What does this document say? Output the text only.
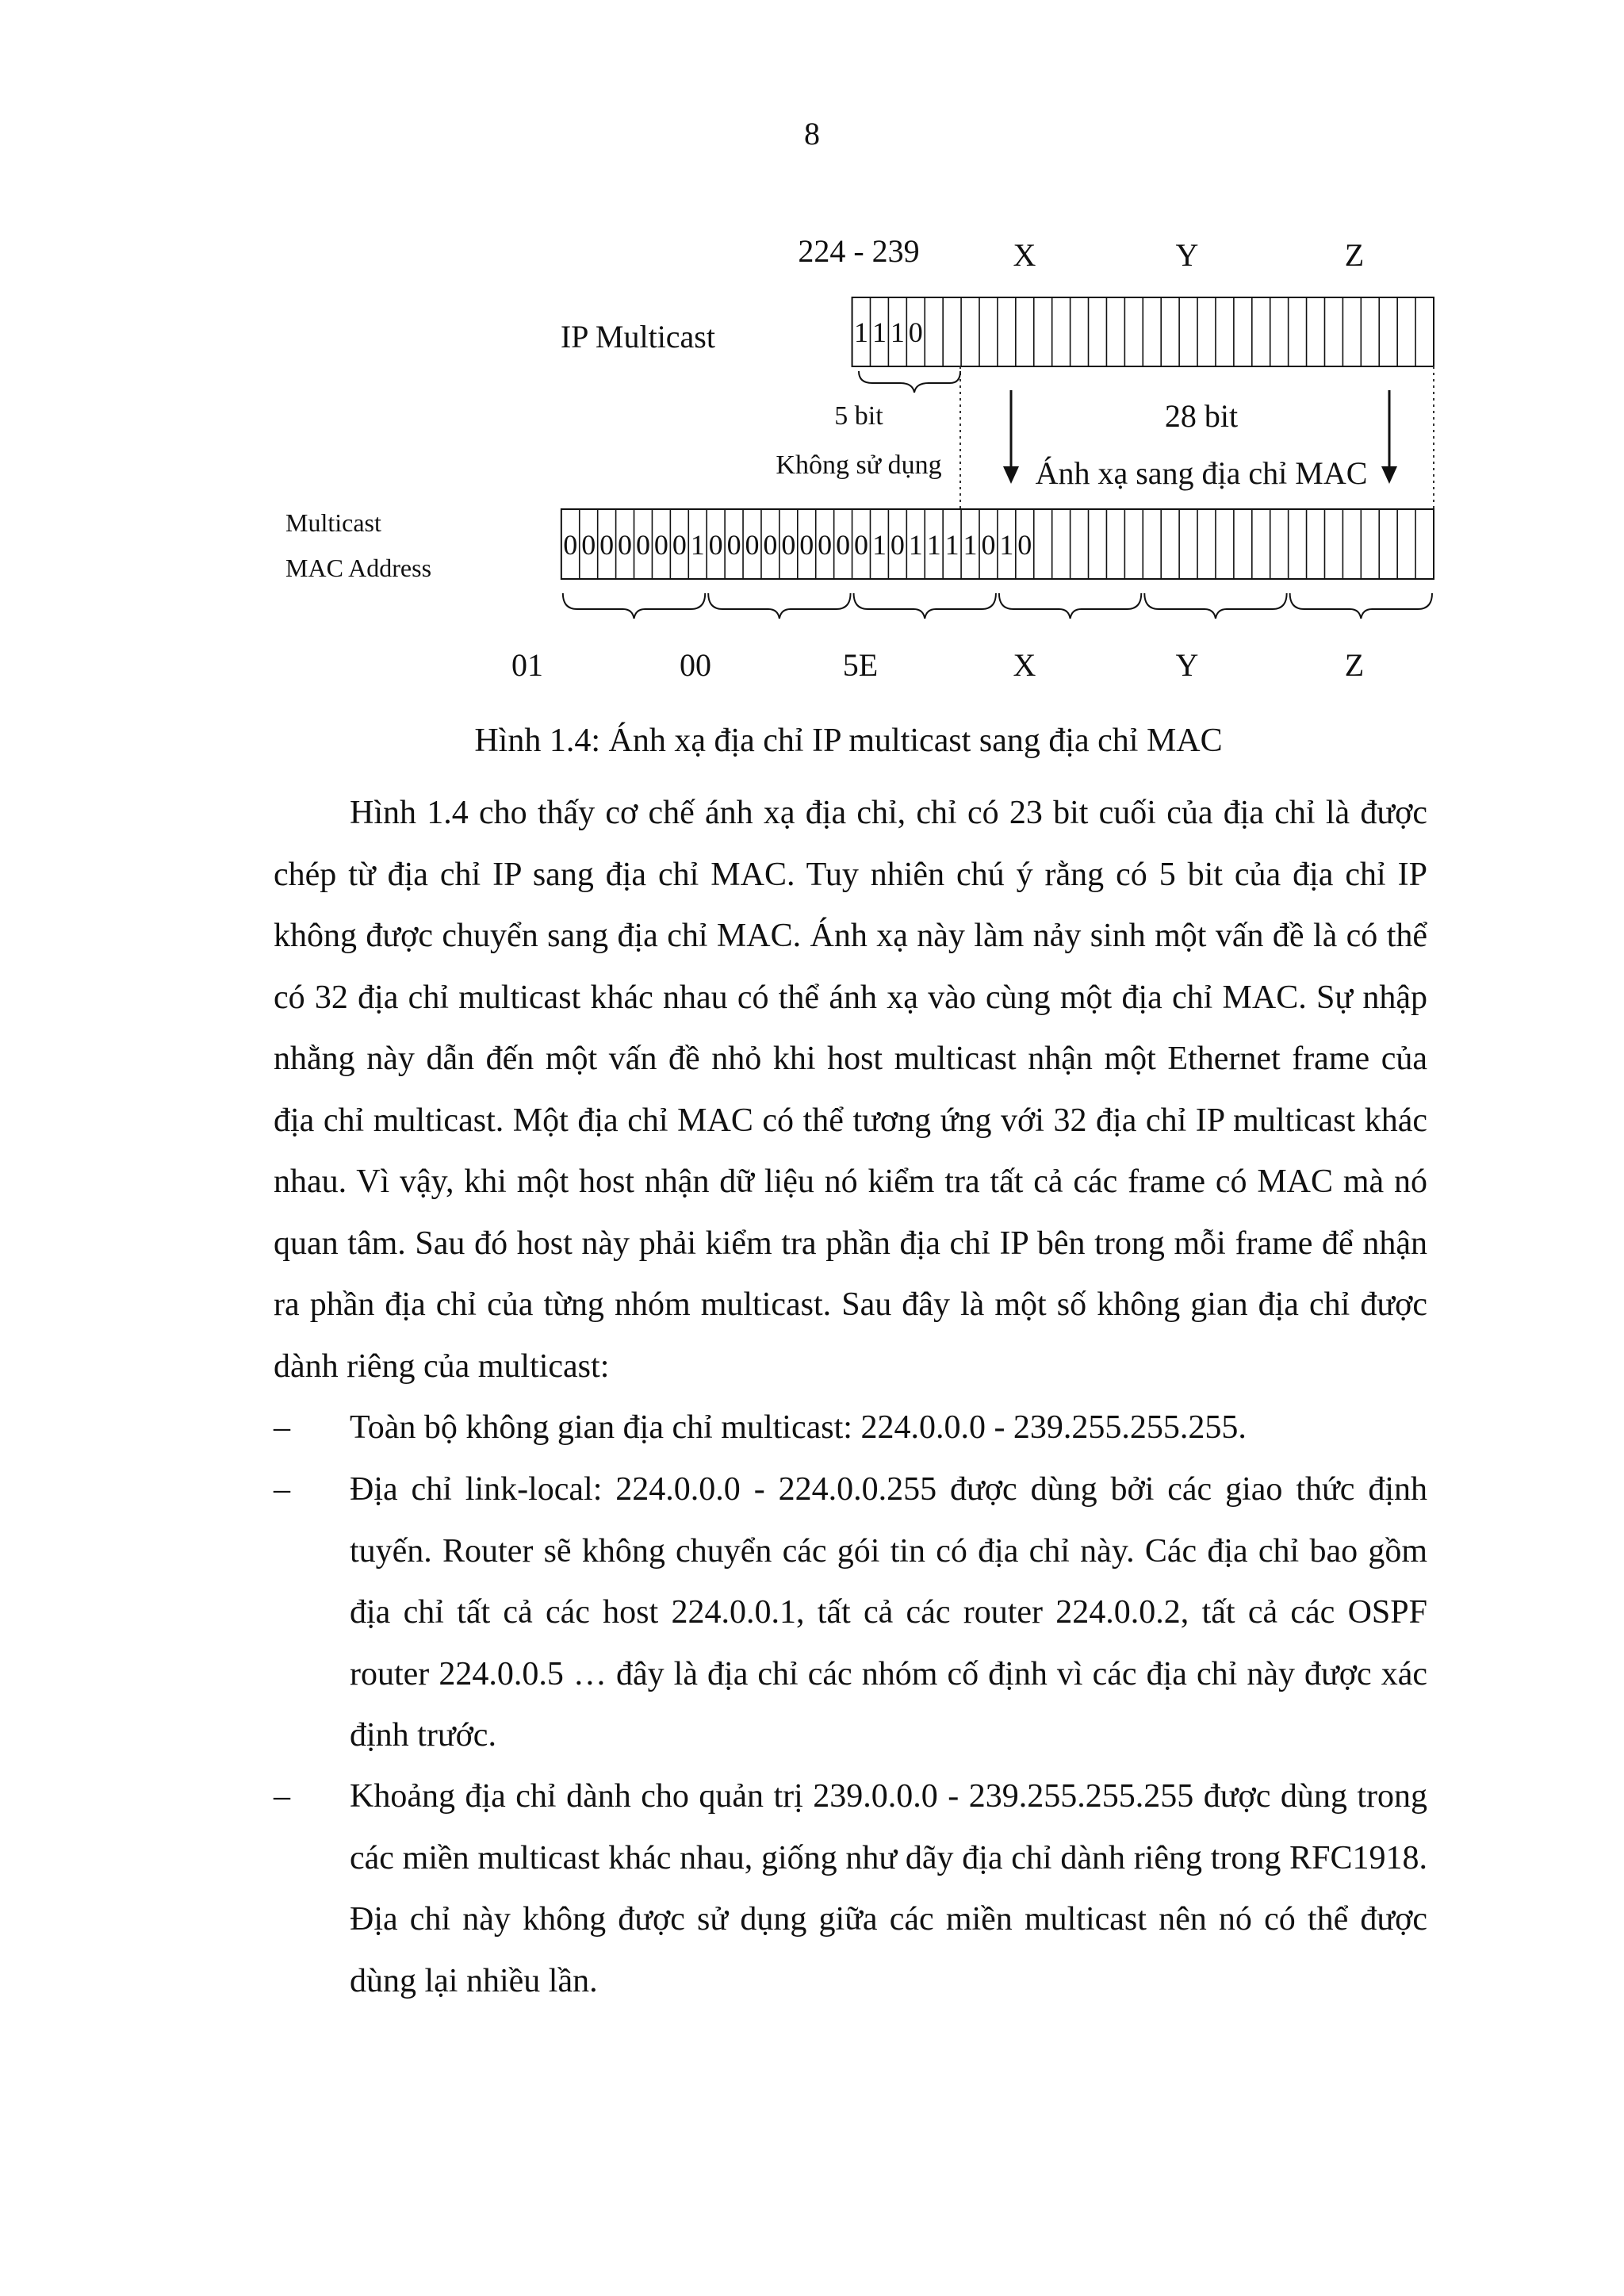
8
224 - 239	X	Y	Z
IP Multicast	1 1 1 0
5 bit
Không sử dụng
28 bit
Ánh xạ sang địa chỉ MAC
Multicast
MAC Address
0 0 0 0 0 0 0 1 0 0 0 0 0 0 0 0 0 1 0 1 1 1 1 0 1 0
01	00	5E	X	Y	Z
Hình 1.4: Ánh xạ địa chỉ IP multicast sang địa chỉ MAC

Hình 1.4 cho thấy cơ chế ánh xạ địa chỉ, chỉ có 23 bit cuối của địa chỉ là được chép từ địa chỉ IP sang địa chỉ MAC. Tuy nhiên chú ý rằng có 5 bit của địa chỉ IP không được chuyển sang địa chỉ MAC. Ánh xạ này làm nảy sinh một vấn đề là có thể có 32 địa chỉ multicast khác nhau có thể ánh xạ vào cùng một địa chỉ MAC. Sự nhập nhằng này dẫn đến một vấn đề nhỏ khi host multicast nhận một Ethernet frame của địa chỉ multicast. Một địa chỉ MAC có thể tương ứng với 32 địa chỉ IP multicast khác nhau. Vì vậy, khi một host nhận dữ liệu nó kiểm tra tất cả các frame có MAC mà nó quan tâm. Sau đó host này phải kiểm tra phần địa chỉ IP bên trong mỗi frame để nhận ra phần địa chỉ của từng nhóm multicast. Sau đây là một số không gian địa chỉ được dành riêng của multicast:

–	Toàn bộ không gian địa chỉ multicast: 224.0.0.0 - 239.255.255.255.
–	Địa chỉ link-local: 224.0.0.0 - 224.0.0.255 được dùng bởi các giao thức định tuyến. Router sẽ không chuyển các gói tin có địa chỉ này. Các địa chỉ bao gồm địa chỉ tất cả các host 224.0.0.1, tất cả các router 224.0.0.2, tất cả các OSPF router 224.0.0.5 … đây là địa chỉ các nhóm cố định vì các địa chỉ này được xác định trước.
–	Khoảng địa chỉ dành cho quản trị 239.0.0.0 - 239.255.255.255 được dùng trong các miền multicast khác nhau, giống như dãy địa chỉ dành riêng trong RFC1918. Địa chỉ này không được sử dụng giữa các miền multicast nên nó có thể được dùng lại nhiều lần.
